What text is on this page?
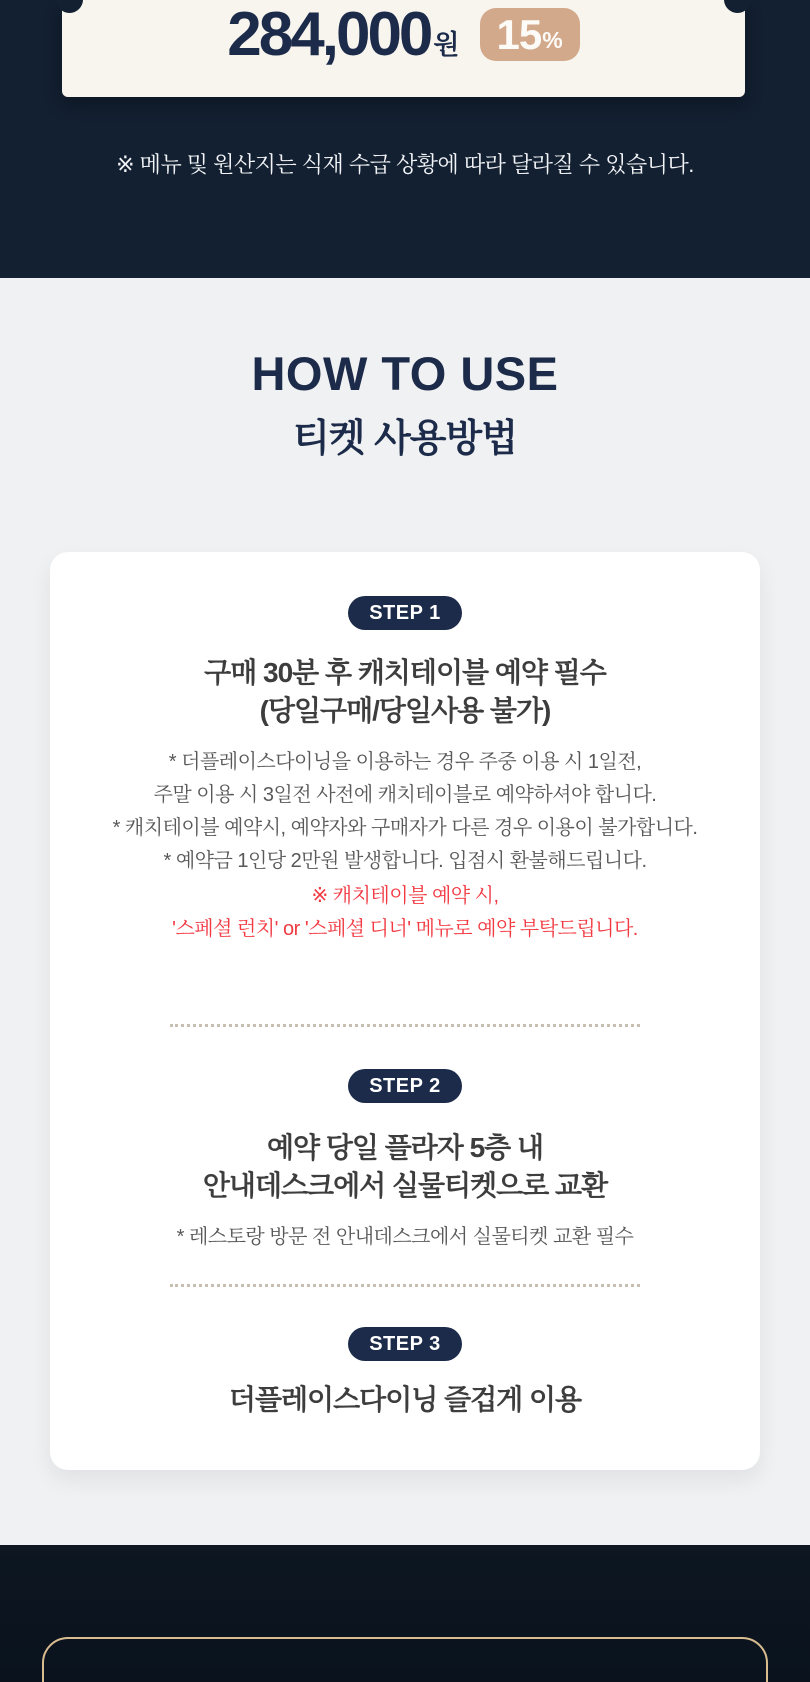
284,000 원 15 %
※ 메뉴 및 원산지는 식재 수급 상황에 따라 달라질 수 있습니다.
HOW TO USE
티켓 사용방법
STEP 1
구매 30분 후 캐치테이블 예약 필수
(당일구매/당일사용 불가)
* 더플레이스다이닝을 이용하는 경우 주중 이용 시 1일전,
주말 이용 시 3일전 사전에 캐치테이블로 예약하셔야 합니다.
* 캐치테이블 예약시, 예약자와 구매자가 다른 경우 이용이 불가합니다.
* 예약금 1인당 2만원 발생합니다. 입점시 환불해드립니다.
※ 캐치테이블 예약 시,
'스페셜 런치' or '스페셜 디너' 메뉴로 예약 부탁드립니다.
STEP 2
예약 당일 플라자 5층 내
안내데스크에서 실물티켓으로 교환
* 레스토랑 방문 전 안내데스크에서 실물티켓 교환 필수
STEP 3
더플레이스다이닝 즐겁게 이용
